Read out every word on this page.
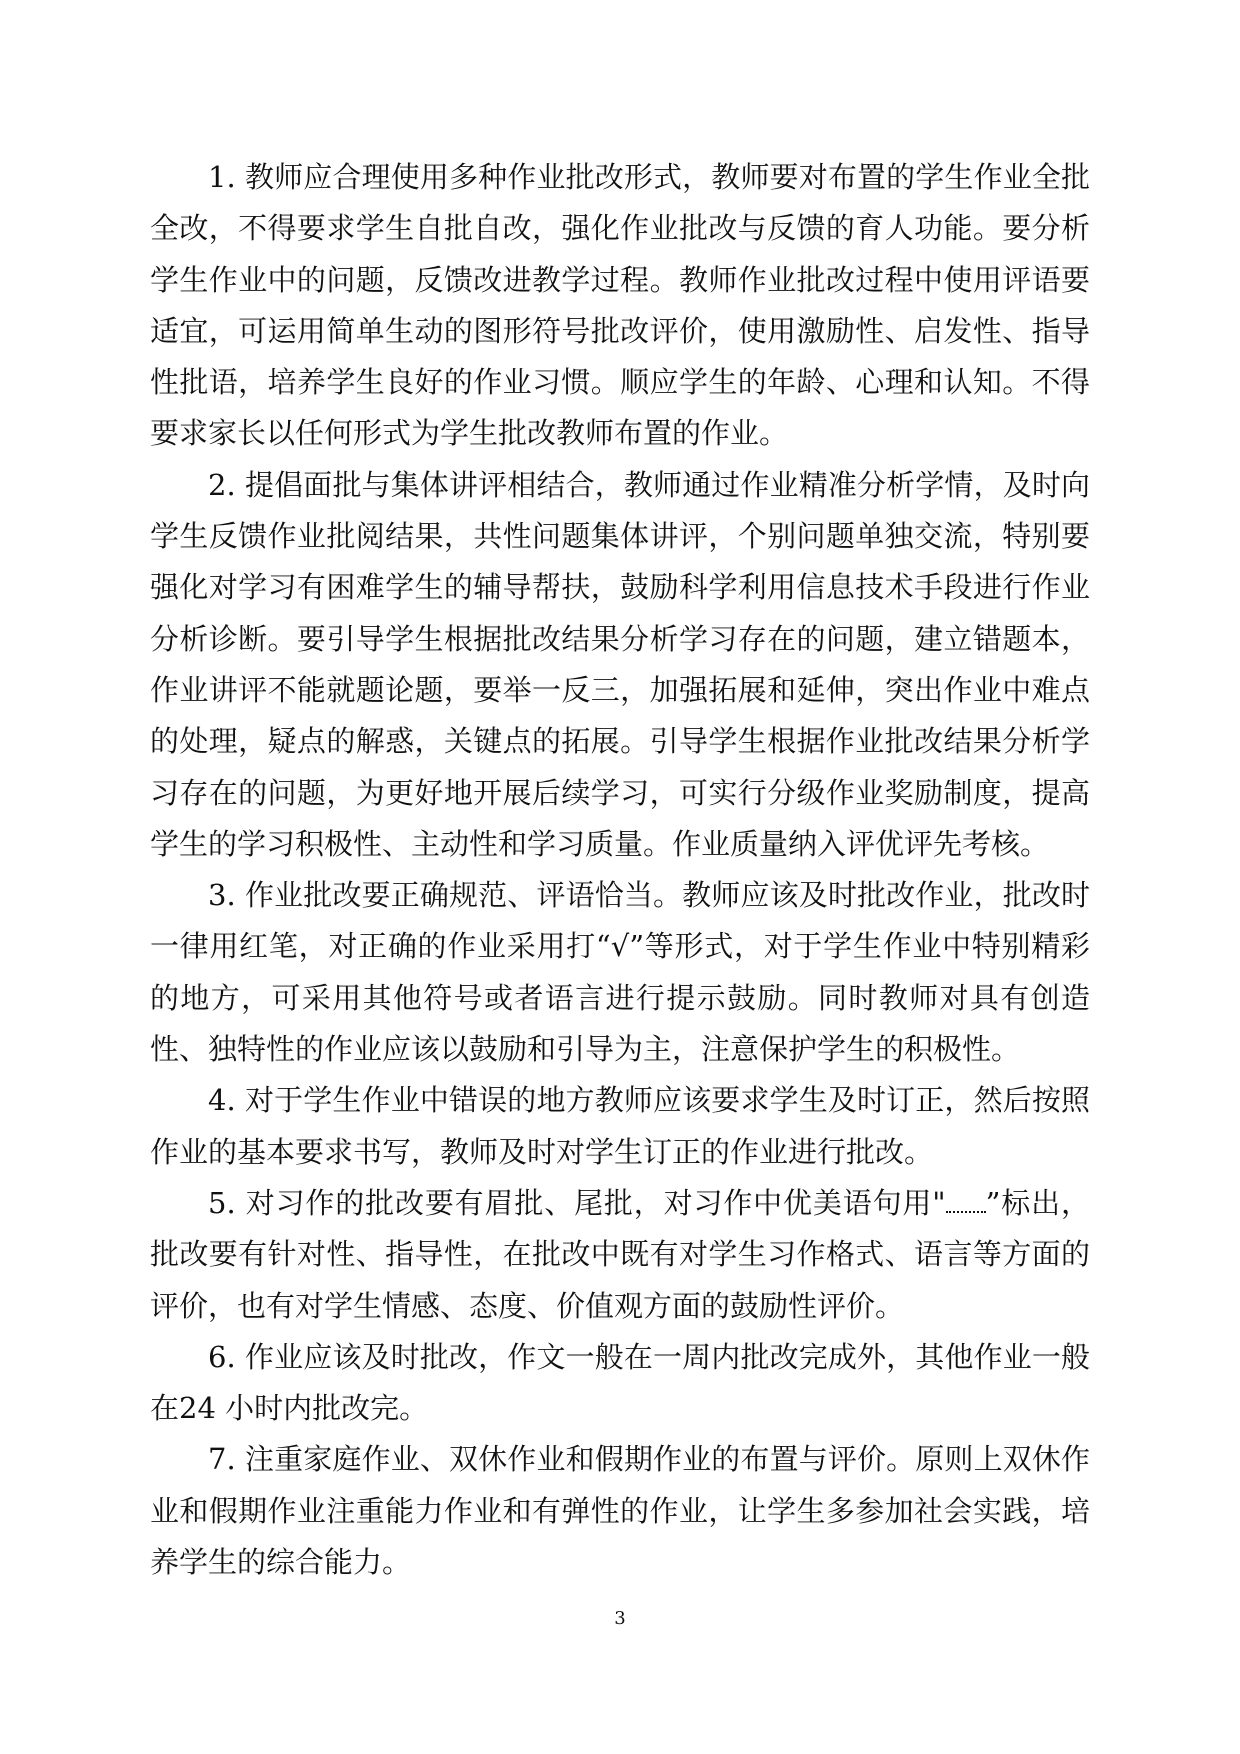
1. 教师应合理使用多种作业批改形式，教师要对布置的学生作业全批全改，不得要求学生自批自改，强化作业批改与反馈的育人功能。要分析学生作业中的问题，反馈改进教学过程。教师作业批改过程中使用评语要适宜，可运用简单生动的图形符号批改评价，使用激励性、启发性、指导性批语，培养学生良好的作业习惯。顺应学生的年龄、心理和认知。不得要求家长以任何形式为学生批改教师布置的作业。

2. 提倡面批与集体讲评相结合，教师通过作业精准分析学情，及时向学生反馈作业批阅结果，共性问题集体讲评，个别问题单独交流，特别要强化对学习有困难学生的辅导帮扶，鼓励科学利用信息技术手段进行作业分析诊断。要引导学生根据批改结果分析学习存在的问题，建立错题本，作业讲评不能就题论题，要举一反三，加强拓展和延伸，突出作业中难点的处理，疑点的解惑，关键点的拓展。引导学生根据作业批改结果分析学习存在的问题，为更好地开展后续学习，可实行分级作业奖励制度，提高学生的学习积极性、主动性和学习质量。作业质量纳入评优评先考核。

3. 作业批改要正确规范、评语恰当。教师应该及时批改作业，批改时一律用红笔，对正确的作业采用打“√”等形式，对于学生作业中特别精彩的地方，可采用其他符号或者语言进行提示鼓励。同时教师对具有创造性、独特性的作业应该以鼓励和引导为主，注意保护学生的积极性。

4. 对于学生作业中错误的地方教师应该要求学生及时订正，然后按照作业的基本要求书写，教师及时对学生订正的作业进行批改。

5. 对习作的批改要有眉批、尾批，对习作中优美语句用" ”标出，批改要有针对性、指导性，在批改中既有对学生习作格式、语言等方面的评价，也有对学生情感、态度、价值观方面的鼓励性评价。

6. 作业应该及时批改，作文一般在一周内批改完成外，其他作业一般在24 小时内批改完。

7. 注重家庭作业、双休作业和假期作业的布置与评价。原则上双休作业和假期作业注重能力作业和有弹性的作业，让学生多参加社会实践，培养学生的综合能力。

3
